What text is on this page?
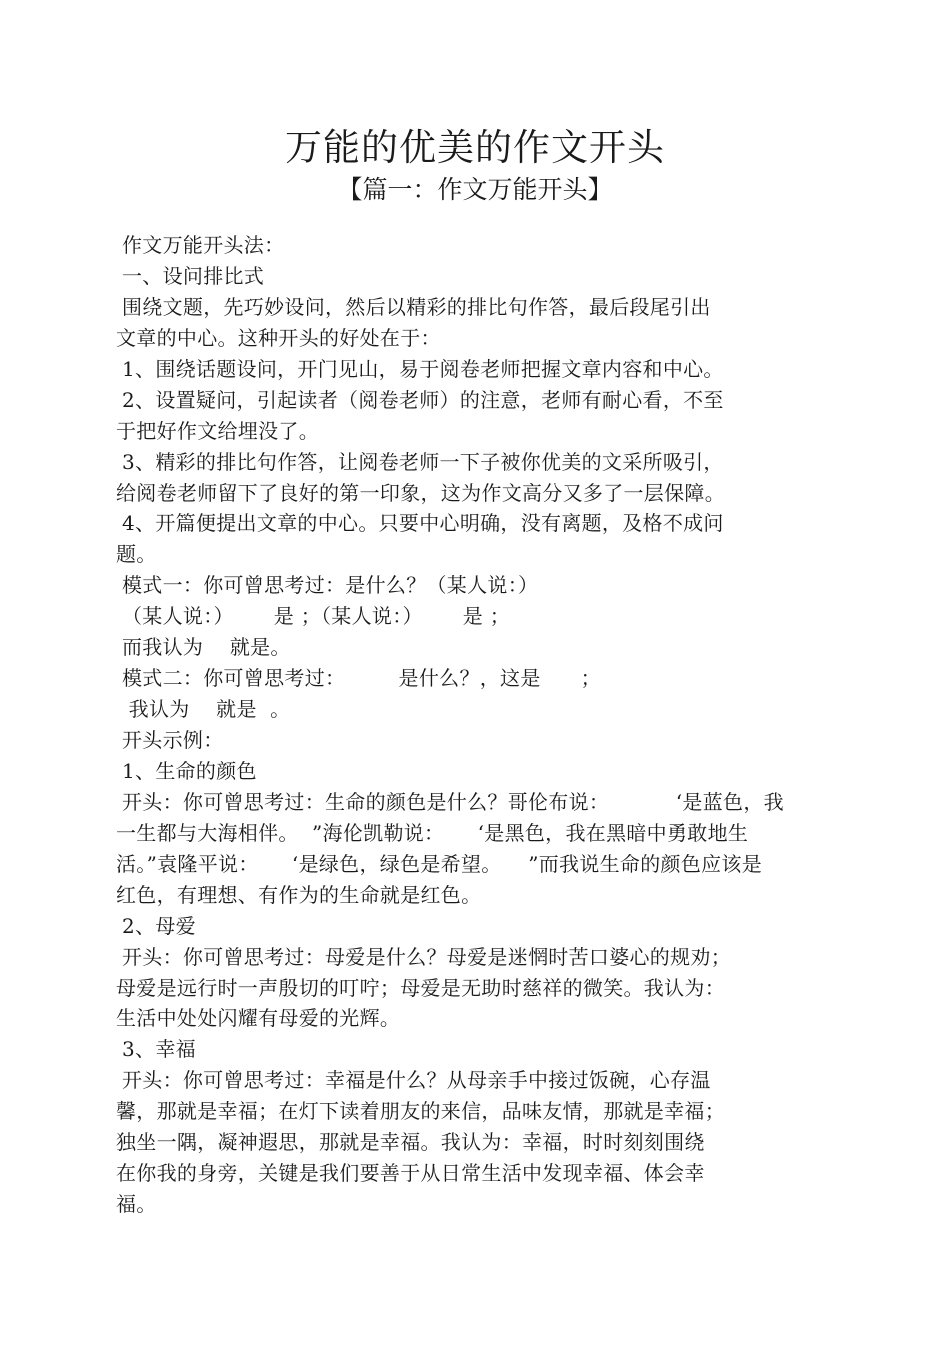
万能的优美的作文开头
【篇一：作文万能开头】
作文万能开头法：
一、设问排比式
围绕文题，先巧妙设问，然后以精彩的排比句作答，最后段尾引出
文章的中心。这种开头的好处在于：
1、围绕话题设问，开门见山，易于阅卷老师把握文章内容和中心。
2、设置疑问，引起读者（阅卷老师）的注意，老师有耐心看，不至
于把好作文给埋没了。
3、精彩的排比句作答，让阅卷老师一下子被你优美的文采所吸引，
给阅卷老师留下了良好的第一印象，这为作文高分又多了一层保障。
4、开篇便提出文章的中心。只要中心明确，没有离题，及格不成问
题。
模式一：你可曾思考过：是什么？（某人说：）
（某人说：）      是 ；（某人说：）      是 ；
而我认为    就是。
模式二：你可曾思考过：        是什么？，这是      ；
我认为    就是  。
开头示例：
1、生命的颜色
开头：你可曾思考过：生命的颜色是什么？哥伦布说：          ‘是蓝色，我
一生都与大海相伴。  ”海伦凯勒说：     ‘是黑色，我在黑暗中勇敢地生
活。”袁隆平说：     ‘是绿色，绿色是希望。    ”而我说生命的颜色应该是
红色，有理想、有作为的生命就是红色。
2、母爱
开头：你可曾思考过：母爱是什么？母爱是迷惘时苦口婆心的规劝；
母爱是远行时一声殷切的叮咛；母爱是无助时慈祥的微笑。我认为：
生活中处处闪耀有母爱的光辉。
3、幸福
开头：你可曾思考过：幸福是什么？从母亲手中接过饭碗，心存温
馨，那就是幸福；在灯下读着朋友的来信，品味友情，那就是幸福；
独坐一隅，凝神遐思，那就是幸福。我认为：幸福，时时刻刻围绕
在你我的身旁，关键是我们要善于从日常生活中发现幸福、体会幸
福。
